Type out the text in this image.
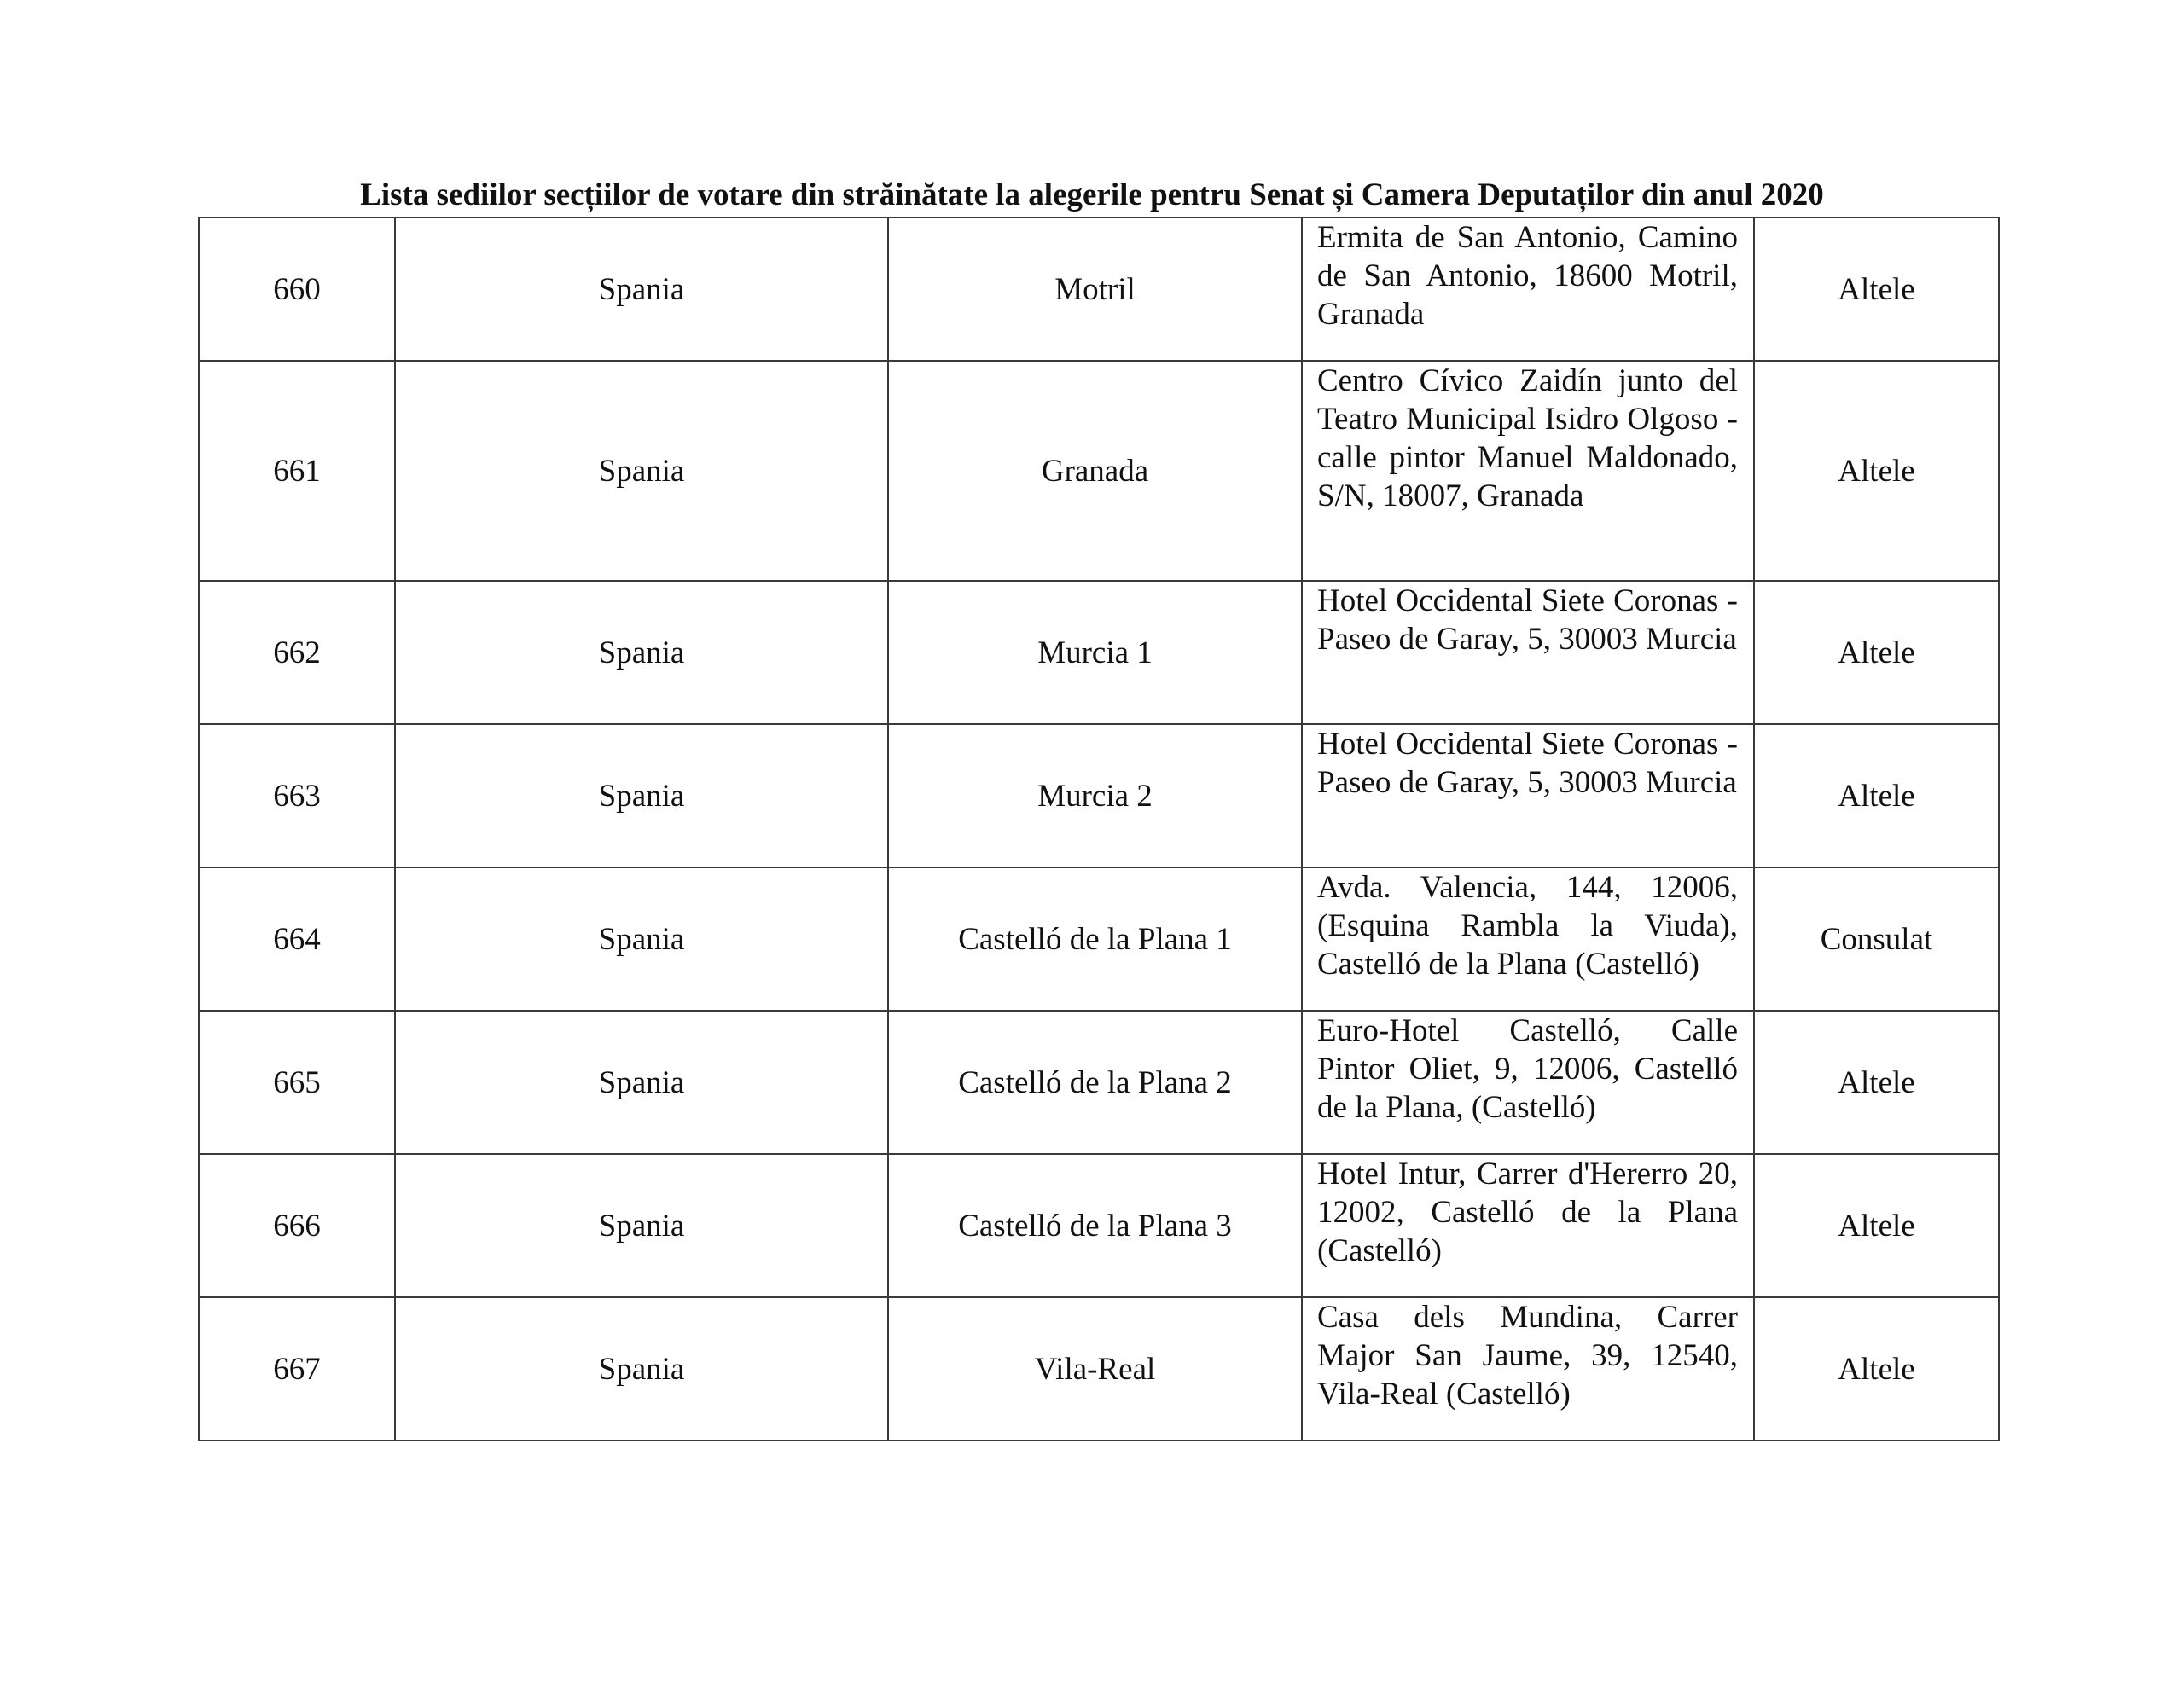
Lista sediilor secțiilor de votare din străinătate la alegerile pentru Senat și Camera Deputaților din anul 2020
660	Spania	Motril	Ermita de San Antonio, Camino de San Antonio, 18600 Motril, Granada	Altele
661	Spania	Granada	Centro Cívico Zaidín junto del Teatro Municipal Isidro Olgoso - calle pintor Manuel Maldonado, S/N, 18007, Granada	Altele
662	Spania	Murcia 1	Hotel Occidental Siete Coronas - Paseo de Garay, 5, 30003 Murcia	Altele
663	Spania	Murcia 2	Hotel Occidental Siete Coronas - Paseo de Garay, 5, 30003 Murcia	Altele
664	Spania	Castelló de la Plana 1	Avda. Valencia, 144, 12006, (Esquina Rambla la Viuda), Castelló de la Plana (Castelló)	Consulat
665	Spania	Castelló de la Plana 2	Euro-Hotel Castelló, Calle Pintor Oliet, 9, 12006, Castelló de la Plana, (Castelló)	Altele
666	Spania	Castelló de la Plana 3	Hotel Intur, Carrer d'Hererro 20, 12002, Castelló de la Plana (Castelló)	Altele
667	Spania	Vila-Real	Casa dels Mundina, Carrer Major San Jaume, 39, 12540, Vila-Real (Castelló)	Altele
